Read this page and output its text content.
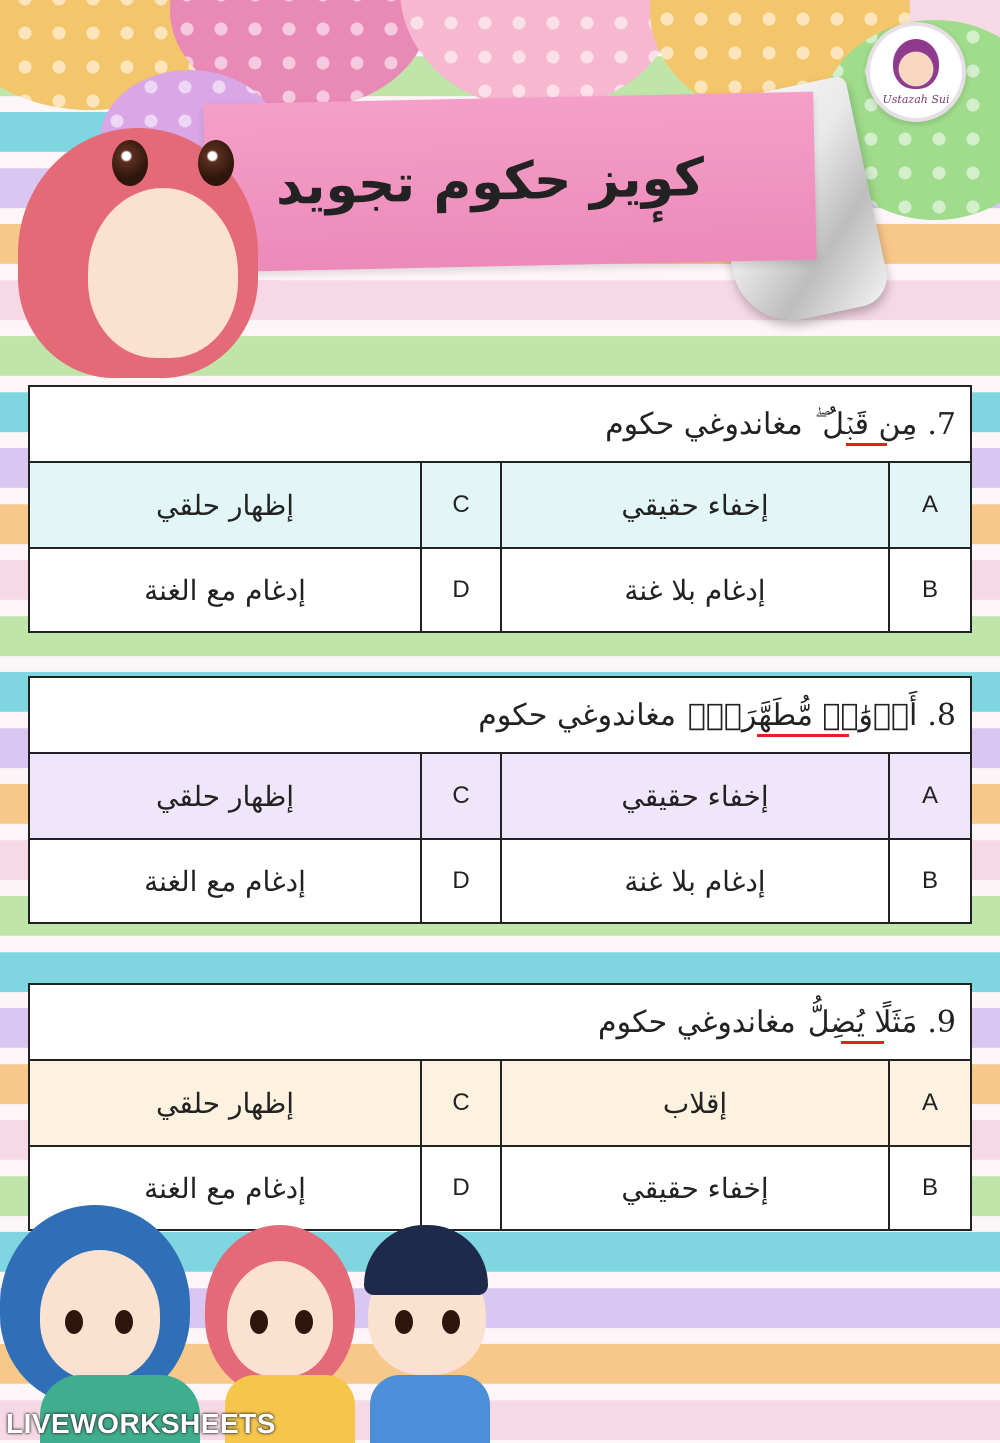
Ustazah Sui
كوٕيز حكوم تجويد
7.
مِن قَبۡلُ ۖ
مغاندوغي حكوم
إظهار حلقي	C	إخفاء حقيقي	A
إدغام مع الغنة	D	إدغام بلا غنة	B
8.
أَزۡوَٰجٞ مُّطَهَّرَةٞۖ
مغاندوغي حكوم
إظهار حلقي	C	إخفاء حقيقي	A
إدغام مع الغنة	D	إدغام بلا غنة	B
9.
مَثَلًا يُضِلُّ
مغاندوغي حكوم
إظهار حلقي	C	إقلاب	A
إدغام مع الغنة	D	إخفاء حقيقي	B
LIVEWORKSHEETS
